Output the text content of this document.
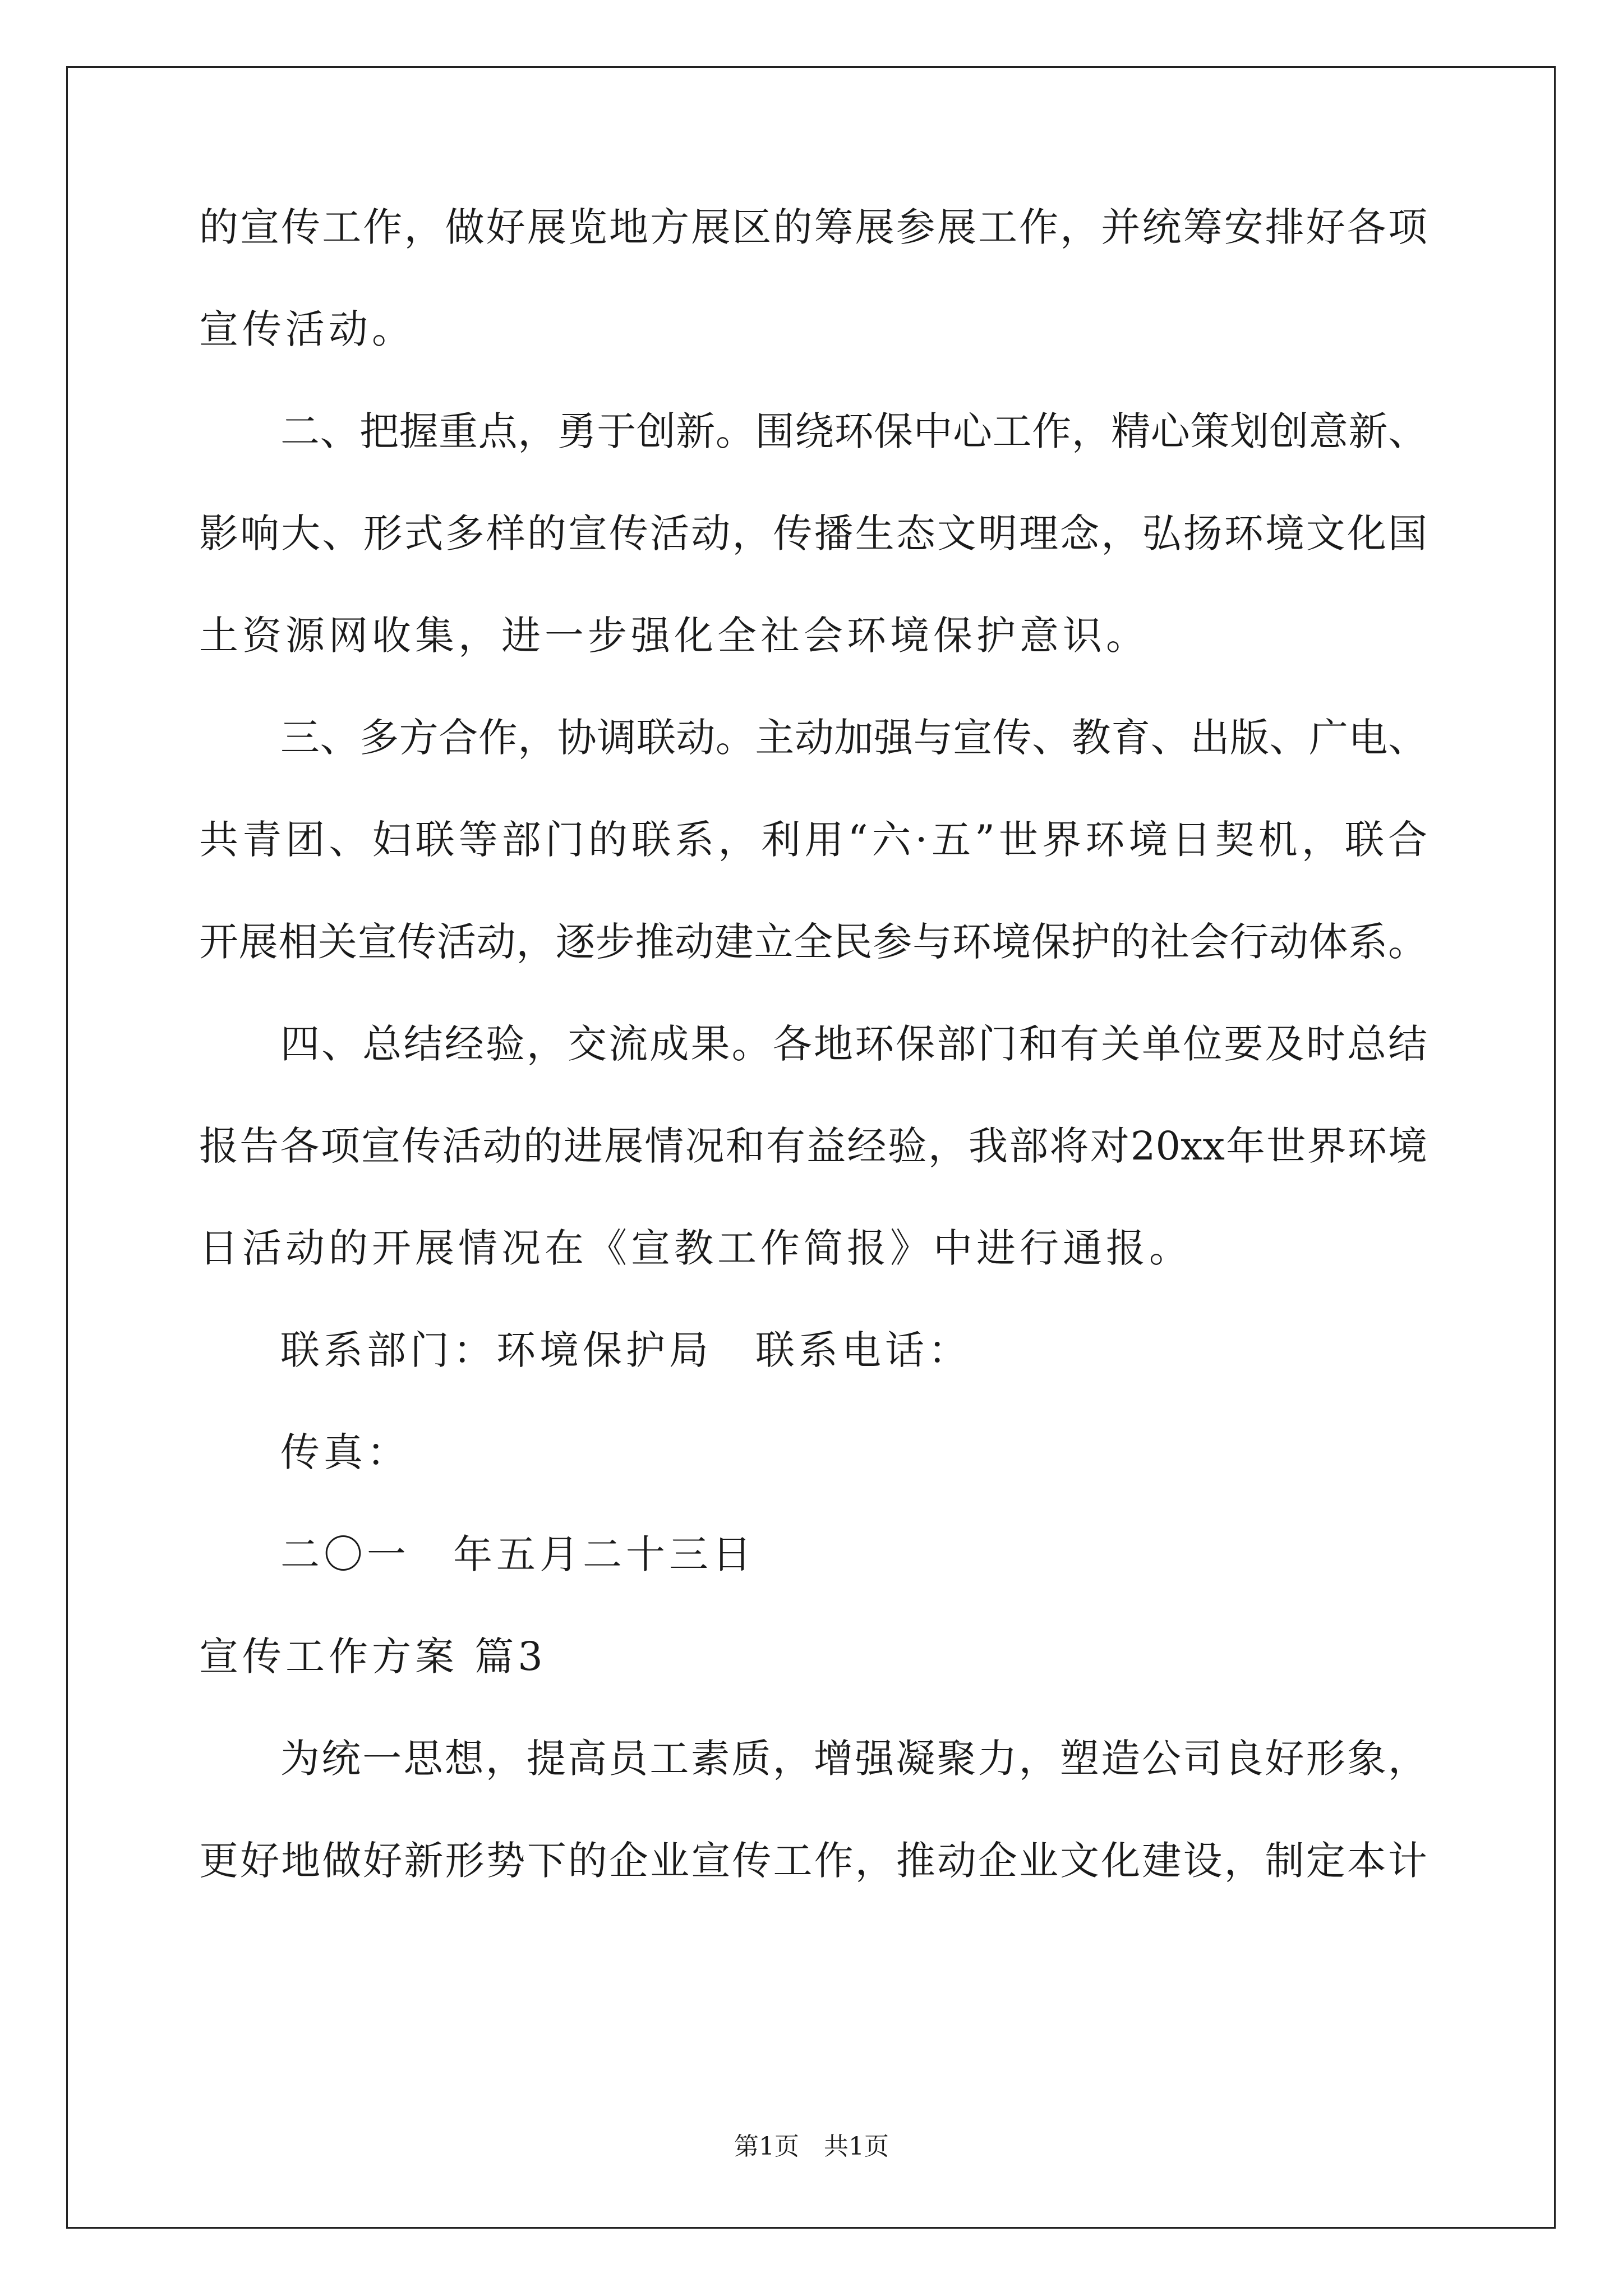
的宣传工作，做好展览地方展区的筹展参展工作，并统筹安排好各项
宣传活动。
二、把握重点，勇于创新。围绕环保中心工作，精心策划创意新、
影响大、形式多样的宣传活动，传播生态文明理念，弘扬环境文化国
土资源网收集，进一步强化全社会环境保护意识。
三、多方合作，协调联动。主动加强与宣传、教育、出版、广电、
共青团、妇联等部门的联系，利用“六·五”世界环境日契机，联合
开展相关宣传活动，逐步推动建立全民参与环境保护的社会行动体系。
四、总结经验，交流成果。各地环保部门和有关单位要及时总结
报告各项宣传活动的进展情况和有益经验，我部将对20xx年世界环境
日活动的开展情况在《宣教工作简报》中进行通报。
联系部门：环境保护局　联系电话：
传真：
二〇一　年五月二十三日
宣传工作方案 篇3
为统一思想，提高员工素质，增强凝聚力，塑造公司良好形象，
更好地做好新形势下的企业宣传工作，推动企业文化建设，制定本计
第1页　共1页
